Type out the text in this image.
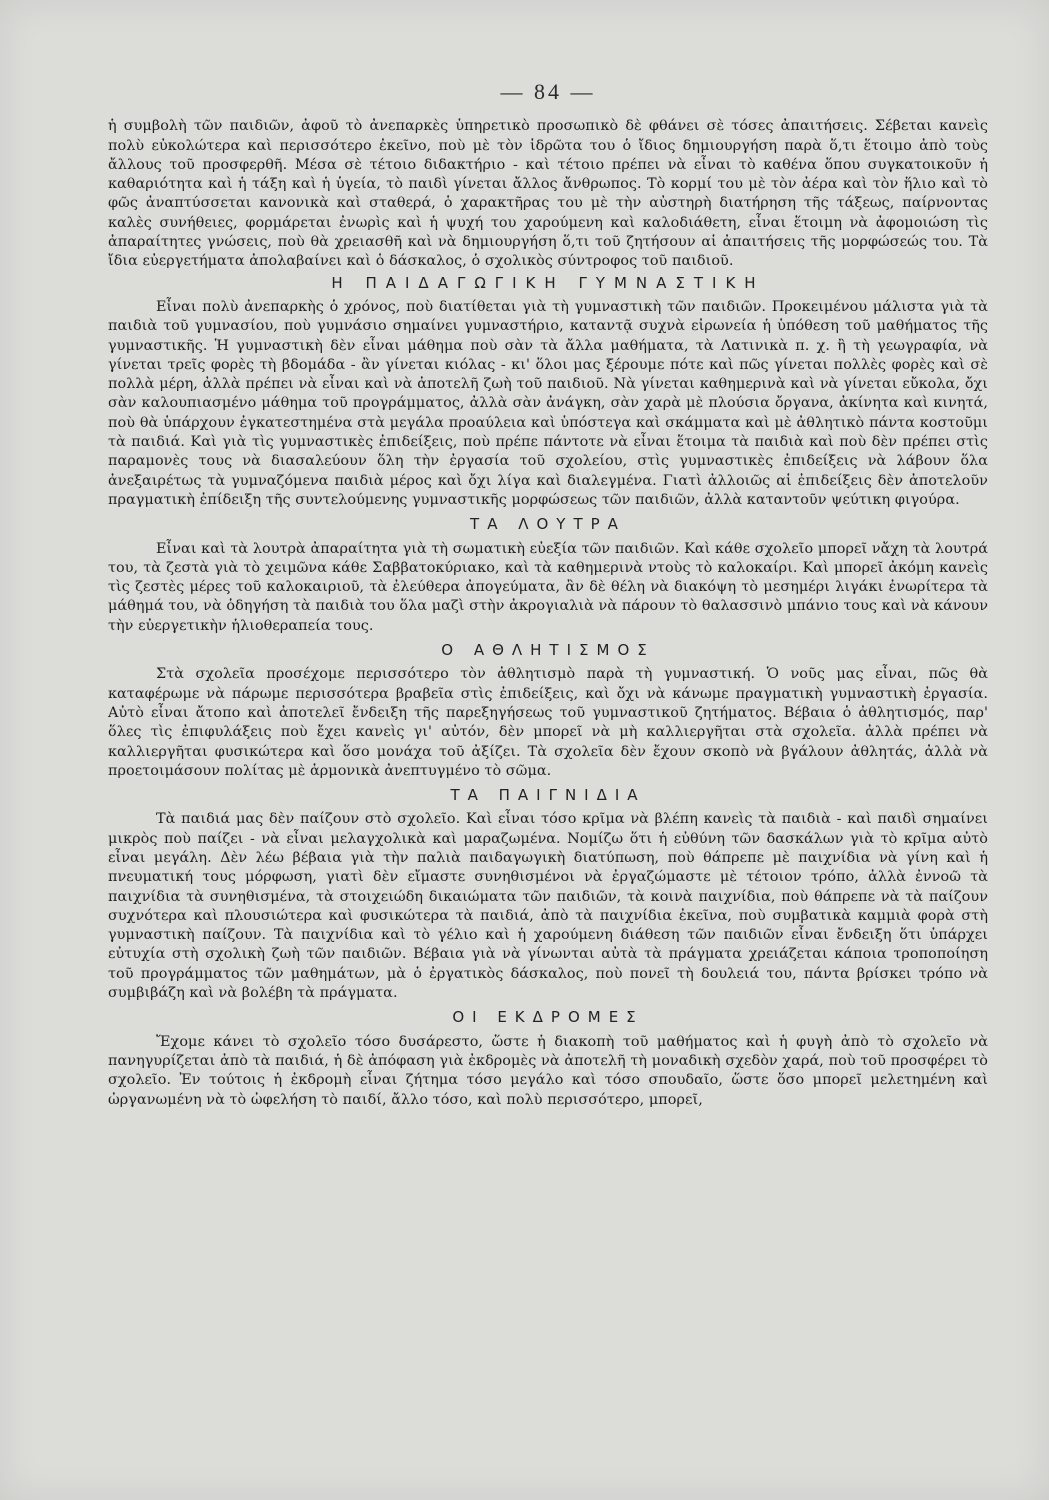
— 84 —

ἡ συμβολὴ τῶν παιδιῶν, ἀφοῦ τὸ ἀνεπαρκὲς ὑπηρετικὸ προσωπικὸ δὲ φθάνει σὲ τόσες ἀπαιτήσεις. Σέβεται κανεὶς πολὺ εὐκολώτερα καὶ περισσότερο ἐκεῖνο, ποὺ μὲ τὸν ἱδρῶτα του ὁ ἴδιος δημιουργήση παρὰ ὅ,τι ἕτοιμο ἀπὸ τοὺς ἄλλους τοῦ προσφερθῆ. Μέσα σὲ τέτοιο διδακτήριο - καὶ τέτοιο πρέπει νὰ εἶναι τὸ καθένα ὅπου συγκατοικοῦν ἡ καθαριότητα καὶ ἡ τάξη καὶ ἡ ὑγεία, τὸ παιδὶ γίνεται ἄλλος ἄνθρωπος. Τὸ κορμί του μὲ τὸν ἀέρα καὶ τὸν ἥλιο καὶ τὸ φῶς ἀναπτύσσεται κανονικὰ καὶ σταθερά, ὁ χαρακτῆρας του μὲ τὴν αὐστηρὴ διατήρηση τῆς τάξεως, παίρνοντας καλὲς συνήθειες, φορμάρεται ἐνωρὶς καὶ ἡ ψυχή του χαρούμενη καὶ καλοδιάθετη, εἶναι ἕτοιμη νὰ ἀφομοιώση τὶς ἀπαραίτητες γνώσεις, ποὺ θὰ χρειασθῆ καὶ νὰ δημιουργήση ὅ,τι τοῦ ζητήσουν αἱ ἀπαιτήσεις τῆς μορφώσεώς του. Τὰ ἴδια εὐεργετήματα ἀπολαβαίνει καὶ ὁ δάσκαλος, ὁ σχολικὸς σύντροφος τοῦ παιδιοῦ.

Η ΠΑΙΔΑΓΩΓΙΚΗ ΓΥΜΝΑΣΤΙΚΗ

Εἶναι πολὺ ἀνεπαρκὴς ὁ χρόνος, ποὺ διατίθεται γιὰ τὴ γυμναστικὴ τῶν παιδιῶν. Προκειμένου μάλιστα γιὰ τὰ παιδιὰ τοῦ γυμνασίου, ποὺ γυμνάσιο σημαίνει γυμναστήριο, καταντᾷ συχνὰ εἰρωνεία ἡ ὑπόθεση τοῦ μαθήματος τῆς γυμναστικῆς. Ἡ γυμναστικὴ δὲν εἶναι μάθημα ποὺ σὰν τὰ ἄλλα μαθήματα, τὰ Λατινικὰ π. χ. ἢ τὴ γεωγραφία, νὰ γίνεται τρεῖς φορὲς τὴ βδομάδα - ἂν γίνεται κιόλας - κι' ὅλοι μας ξέρουμε πότε καὶ πῶς γίνεται πολλὲς φορὲς καὶ σὲ πολλὰ μέρη, ἀλλὰ πρέπει νὰ εἶναι καὶ νὰ ἀποτελῆ ζωὴ τοῦ παιδιοῦ. Νὰ γίνεται καθημερινὰ καὶ νὰ γίνεται εὔκολα, ὄχι σὰν καλουπιασμένο μάθημα τοῦ προγράμματος, ἀλλὰ σὰν ἀνάγκη, σὰν χαρὰ μὲ πλούσια ὄργανα, ἀκίνητα καὶ κινητά, ποὺ θὰ ὑπάρχουν ἐγκατεστημένα στὰ μεγάλα προαύλεια καὶ ὑπόστεγα καὶ σκάμματα καὶ μὲ ἀθλητικὸ πάντα κοστοῦμι τὰ παιδιά. Καὶ γιὰ τὶς γυμναστικὲς ἐπιδείξεις, ποὺ πρέπε πάντοτε νὰ εἶναι ἕτοιμα τὰ παιδιὰ καὶ ποὺ δὲν πρέπει στὶς παραμονὲς τους νὰ διασαλεύουν ὅλη τὴν ἐργασία τοῦ σχολείου, στὶς γυμναστικὲς ἐπιδείξεις νὰ λάβουν ὅλα ἀνεξαιρέτως τὰ γυμναζόμενα παιδιὰ μέρος καὶ ὄχι λίγα καὶ διαλεγμένα. Γιατὶ ἀλλοιῶς αἱ ἐπιδείξεις δὲν ἀποτελοῦν πραγματικὴ ἐπίδειξη τῆς συντελούμενης γυμναστικῆς μορφώσεως τῶν παιδιῶν, ἀλλὰ καταντοῦν ψεύτικη φιγούρα.

ΤΑ ΛΟΥΤΡΑ

Εἶναι καὶ τὰ λουτρὰ ἀπαραίτητα γιὰ τὴ σωματικὴ εὐεξία τῶν παιδιῶν. Καὶ κάθε σχολεῖο μπορεῖ νἄχη τὰ λουτρά του, τὰ ζεστὰ γιὰ τὸ χειμῶνα κάθε Σαββατοκύριακο, καὶ τὰ καθημερινὰ ντοὺς τὸ καλοκαίρι. Καὶ μπορεῖ ἀκόμη κανεὶς τὶς ζεστὲς μέρες τοῦ καλοκαιριοῦ, τὰ ἐλεύθερα ἀπογεύματα, ἂν δὲ θέλη νὰ διακόψη τὸ μεσημέρι λιγάκι ἐνωρίτερα τὰ μάθημά του, νὰ ὁδηγήση τὰ παιδιὰ του ὅλα μαζὶ στὴν ἀκρογιαλιὰ νὰ πάρουν τὸ θαλασσινὸ μπάνιο τους καὶ νὰ κάνουν τὴν εὐεργετικὴν ἡλιοθεραπεία τους.

Ο ΑΘΛΗΤΙΣΜΟΣ

Στὰ σχολεῖα προσέχομε περισσότερο τὸν ἀθλητισμὸ παρὰ τὴ γυμναστική. Ὁ νοῦς μας εἶναι, πῶς θὰ καταφέρωμε νὰ πάρωμε περισσότερα βραβεῖα στὶς ἐπιδείξεις, καὶ ὄχι νὰ κάνωμε πραγματικὴ γυμναστικὴ ἐργασία. Αὐτὸ εἶναι ἄτοπο καὶ ἀποτελεῖ ἔνδειξη τῆς παρεξηγήσεως τοῦ γυμναστικοῦ ζητήματος. Βέβαια ὁ ἀθλητισμός, παρ' ὅλες τὶς ἐπιφυλάξεις ποὺ ἔχει κανεὶς γι' αὐτόν, δὲν μπορεῖ νὰ μὴ καλλιεργῆται στὰ σχολεῖα. ἀλλὰ πρέπει νὰ καλλιεργῆται φυσικώτερα καὶ ὅσο μονάχα τοῦ ἀξίζει. Τὰ σχολεῖα δὲν ἔχουν σκοπὸ νὰ βγάλουν ἀθλητάς, ἀλλὰ νὰ προετοιμάσουν πολίτας μὲ ἁρμονικὰ ἀνεπτυγμένο τὸ σῶμα.

ΤΑ ΠΑΙΓΝΙΔΙΑ

Τὰ παιδιά μας δὲν παίζουν στὸ σχολεῖο. Καὶ εἶναι τόσο κρῖμα νὰ βλέπη κανεὶς τὰ παιδιὰ - καὶ παιδὶ σημαίνει μικρὸς ποὺ παίζει - νὰ εἶναι μελαγχολικὰ καὶ μαραζωμένα. Νομίζω ὅτι ἡ εὐθύνη τῶν δασκάλων γιὰ τὸ κρῖμα αὐτὸ εἶναι μεγάλη. Δὲν λέω βέβαια γιὰ τὴν παλιὰ παιδαγωγικὴ διατύπωση, ποὺ θάπρεπε μὲ παιχνίδια νὰ γίνη καὶ ἡ πνευματική τους μόρφωση, γιατὶ δὲν εἴμαστε συνηθισμένοι νὰ ἐργαζώμαστε μὲ τέτοιον τρόπο, ἀλλὰ ἐννοῶ τὰ παιχνίδια τὰ συνηθισμένα, τὰ στοιχειώδη δικαιώματα τῶν παιδιῶν, τὰ κοινὰ παιχνίδια, ποὺ θάπρεπε νὰ τὰ παίζουν συχνότερα καὶ πλουσιώτερα καὶ φυσικώτερα τὰ παιδιά, ἀπὸ τὰ παιχνίδια ἐκεῖνα, ποὺ συμβατικὰ καμμιὰ φορὰ στὴ γυμναστικὴ παίζουν. Τὰ παιχνίδια καὶ τὸ γέλιο καὶ ἡ χαρούμενη διάθεση τῶν παιδιῶν εἶναι ἔνδειξη ὅτι ὑπάρχει εὐτυχία στὴ σχολικὴ ζωὴ τῶν παιδιῶν. Βέβαια γιὰ νὰ γίνωνται αὐτὰ τὰ πράγματα χρειάζεται κάποια τροποποίηση τοῦ προγράμματος τῶν μαθημάτων, μὰ ὁ ἐργατικὸς δάσκαλος, ποὺ πονεῖ τὴ δουλειά του, πάντα βρίσκει τρόπο νὰ συμβιβάζη καὶ νὰ βολέβη τὰ πράγματα.

ΟΙ ΕΚΔΡΟΜΕΣ

Ἔχομε κάνει τὸ σχολεῖο τόσο δυσάρεστο, ὥστε ἡ διακοπὴ τοῦ μαθήματος καὶ ἡ φυγὴ ἀπὸ τὸ σχολεῖο νὰ πανηγυρίζεται ἀπὸ τὰ παιδιά, ἡ δὲ ἀπόφαση γιὰ ἐκδρομὲς νὰ ἀποτελῆ τὴ μοναδικὴ σχεδὸν χαρά, ποὺ τοῦ προσφέρει τὸ σχολεῖο. Ἐν τούτοις ἡ ἐκδρομὴ εἶναι ζήτημα τόσο μεγάλο καὶ τόσο σπουδαῖο, ὥστε ὅσο μπορεῖ μελετημένη καὶ ὠργανωμένη νὰ τὸ ὠφελήση τὸ παιδί, ἄλλο τόσο, καὶ πολὺ περισσότερο, μπορεῖ,
